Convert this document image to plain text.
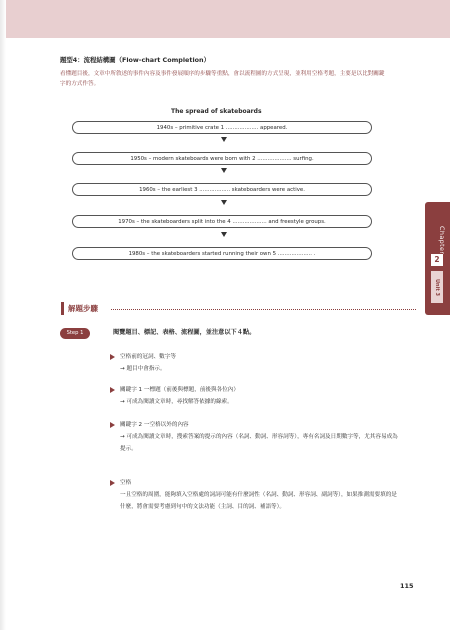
題型4：流程結構圖（Flow-chart Completion）
看懂題目後，文章中所敘述的事件內容及事件發展順序的步驟等重點，會以流程圖的方式呈現，並利用空格考題，主要是以比對關鍵字的方式作答。
The spread of skateboards
1940s – primitive crate 1 ................... appeared.
1950s – modern skateboards were born with 2 .................... surfing.
1960s – the earliest 3 .................. skateboarders were active.
1970s – the skateboarders split into the 4 .................... and freestyle groups.
1980s – the skateboarders started running their own 5 .................... .	Chapter
2
Unit 3
解題步驟
Step 1	閱覽題目、標記、表格、流程圖，並注意以下４點。
空格前的冠詞、數字等
→ 題目中會指示。
關鍵字 1 一標題（前後與標題，前後與各位內）
→ 可成為閱讀文章時，尋找解答依據的線索。
關鍵字 2 一空格以外的內容
→ 可成為閱讀文章時，搜索答案的提示的內容（名詞、動詞、形容詞等），專有名詞及日期數字等，尤其容易成為提示。
空格
一且空格的周圍，能夠填入空格處的詞詞可能有什麼詞性（名詞、動詞、形容詞、副詞等），如果推測需要填的是什麼，將會需要考慮到句中的文法功能（主詞、目的詞、補語等）。
115
